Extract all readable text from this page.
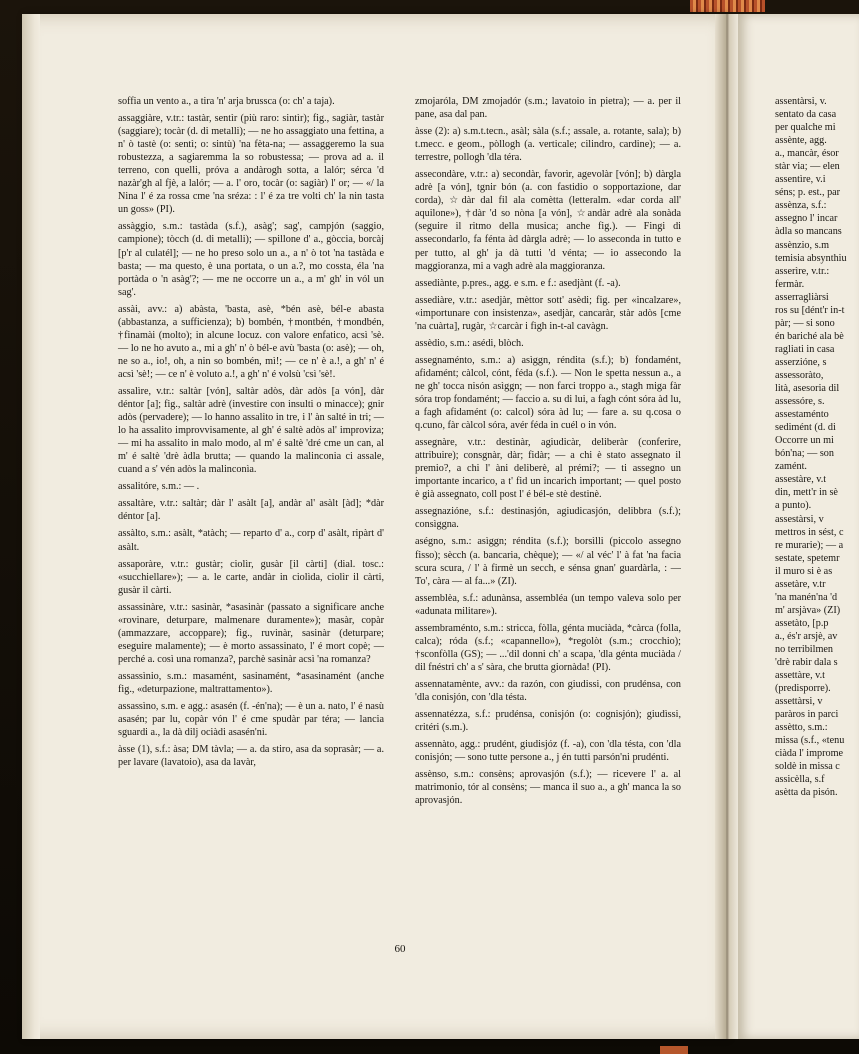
soffia un vento a., a tira 'n' arja brussca (o: ch' a taja).

assaggiàre, v.tr.: tastàr, sentìr (più raro: sintìr); fig., sagiàr, tastàr (saggiare); tocàr (d. di metalli); — ne ho assaggiato una fettina, a n' ò tastè (o: sentì; o: sintù) 'na fèta-na; — assaggeremo la sua robustezza, a sagiaremma la so robustessa; — prova ad a. il terreno, con quelli, próva a andàrogh sotta, a lalór; sérca 'd nazàr'gh al fjè, a lalór; — a. l' oro, tocàr (o: sagiàr) l' or; — «/ la Nina l' é za rossa cme 'na sréza: : l' é za tre volti ch' la nin tasta un goss» (PI).

assàggio, s.m.: tastàda (s.f.), asàg'; sag', campjón (saggio, campione); tòcch (d. di metalli); — spillone d' a., gòccia, borcàj [p'r al culatél]; — ne ho preso solo un a., a n' ò tot 'na tastàda e basta; — ma questo, è una portata, o un a.?, mo cossta, éla 'na portàda o 'n asàg'?; — me ne occorre un a., a m' gh' in vól un sag'.

assài, avv.: a) abàsta, 'basta, asè, *bén asè, bél-e abasta (abbastanza, a sufficienza); b) bombén, †montbén, †mondbén, †finamài (molto); in alcune locuz. con valore enfatico, acsì 'sè. — lo ne ho avuto a., mi a gh' n' ò bél-e avù 'basta (o: asè); — oh, ne so a., io!, oh, a nin so bombén, mì!; — ce n' è a.!, a gh' n' é acsì 'sè!; — ce n' è voluto a.!, a gh' n' é volsù 'csì 'sè!.

assalìre, v.tr.: saltàr [vón], saltàr adòs, dàr adòs [a vón], dàr déntor [a]; fig., saltàr adrè (investire con insulti o minacce); gnir adòs (pervadere); — lo hanno assalito in tre, i l' àn salté in tri; — lo ha assalito improvvisamente, al gh' é saltè adòs al' improviza; — mi ha assalito in malo modo, al m' é saltè 'dré cme un can, al m' é saltè 'drè àdla brutta; — quando la malinconia ci assale, cuand a s' vén adòs la malinconìa.

assalitóre, s.m.: — .

assaltàre, v.tr.: saltàr; dàr l' asàlt [a], andàr al' asàlt [àd]; *dàr déntor [a].

assàlto, s.m.: asàlt, *atàch; — reparto d' a., corp d' asàlt, ripàrt d' asàlt.

assaporàre, v.tr.: gustàr; ciolìr, gusàr [il càrti] (dial. tosc.: «succhiellare»); — a. le carte, andàr in ciolìda, ciolìr il càrti, gusàr il càrti.

assassinàre, v.tr.: sasinàr, *asasinàr (passato a significare anche «rovinare, deturpare, malmenare duramente»); masàr, copàr (ammazzare, accoppare); fig., ruvinàr, sasinàr (deturpare; eseguire malamente); — è morto assassinato, l' é mort copè; — perché a. così una romanza?, parchè sasinàr acsì 'na romanza?

assassìnio, s.m.: masamént, sasinamént, *asasinamént (anche fig., «deturpazione, maltrattamento»).

assassìno, s.m. e agg.: asasén (f. -én'na); — è un a. nato, l' é nasù asasén; par lu, copàr vón l' é cme spudàr par téra; — lancia sguardi a., la dà dilj ociàdi asasén'ni.

àsse (1), s.f.: àsa; DM tàvla; — a. da stiro, asa da soprasàr; — a. per lavare (lavatoio), asa da lavàr,

zmojaróla, DM zmojadór (s.m.; lavatoio in pietra); — a. per il pane, asa dal pan.

àsse (2): a) s.m.t.tecn., asàl; sàla (s.f.; assale, a. rotante, sala); b) t.mecc. e geom., pòllogh (a. verticale; cilindro, cardine); — a. terrestre, pollogh 'dla téra.

assecondàre, v.tr.: a) secondàr, favorìr, agevolàr [vón]; b) dàrgla adrè [a vón], tgnir bón (a. con fastidio o sopportazione, dar corda), ☆dàr dal fil ala comètta (letteralm. «dar corda all' aquilone»), †dàr 'd so nòna [a vón], ☆andàr adrè ala sonàda (seguire il ritmo della musica; anche fig.). — Fingi di assecondarlo, fa fénta àd dàrgla adrè; — lo asseconda in tutto e per tutto, al gh' ja dà tutti 'd vénta; — io assecondo la maggioranza, mi a vagh adrè ala maggioranza.

assediànte, p.pres., agg. e s.m. e f.: asedjànt (f. -a).

assediàre, v.tr.: asedjàr, mèttor sott' asèdi; fig. per «incalzare», «importunare con insistenza», asedjàr, cancaràr, stàr adòs [cme 'na cuàrta], rugàr, ☆carcàr i fìgh in-t-al cavàgn.

assèdio, s.m.: asédi, blòch.

assegnaménto, s.m.: a) asìggn, réndita (s.f.); b) fondamént, afidamént; càlcol, cónt, féda (s.f.). — Non le spetta nessun a., a ne gh' tocca nisón asìggn; — non farci troppo a., stagh miga fàr sóra trop fondamént; — faccio a. su di lui, a fagh cónt sóra àd lu, a fagh afidamént (o: calcol) sóra àd lu; — fare a. su q.cosa o q.cuno, fàr càlcol sóra, avér féda in cuél o in vón.

assegnàre, v.tr.: destinàr, agiudicàr, deliberàr (conferire, attribuire); consgnàr, dàr; fidàr; — a chi è stato assegnato il premio?, a chi l' àni deliberè, al prémi?; — ti assegno un importante incarico, a t' fid un incarich important; — quel posto è già assegnato, coll post l' é bél-e stè destinè.

assegnazióne, s.f.: destinasjón, agiudicasjón, delibbra (s.f.); consìggna.

aségno, s.m.: asìggn; réndita (s.f.); borsìlli (piccolo assegno fisso); sècch (a. bancaria, chèque); — «/ al véc' l' à fat 'na facia scura scura, / l' à firmè un secch, e sénsa gnan' guardàrla, : — To', càra — al fa...» (ZI).

assemblèa, s.f.: adunànsa, assembléa (un tempo valeva solo per «adunata militare»).

assembraménto, s.m.: stricca, fòlla, génta muciàda, *càrca (folla, calca); róda (s.f.; «capannello»), *regolòt (s.m.; crocchio); †sconfòlla (GS); — ...'dil donni ch' a scapa, 'dla génta muciàda / dil fnéstri ch' a s' sàra, che brutta giornàda! (PI).

assennatamènte, avv.: da razón, con giudissi, con prudénsa, con 'dla conisjón, con 'dla tésta.

assennatézza, s.f.: prudénsa, conisjón (o: cognisjón); giudìssi, critéri (s.m.).

assennàto, agg.: prudént, giudisjóz (f. -a), con 'dla tésta, con 'dla conisjón; — sono tutte persone a., j én tutti parsón'ni prudénti.

assènso, s.m.: consèns; aprovasjón (s.f.); — ricevere l' a. al matrimonio, tór al consèns; — manca il suo a., a gh' manca la so aprovasjón.

assentàrsi, v.
sentato da casa
per qualche mi
assènte, agg.
a., mancàr, ésor
stàr via; — elen
assentìre, v.i
séns; p. est., par
assènza, s.f.:
assegno l' incar
àdla so mancans
assènzio, s.m
temisia absynthiu
asserìre, v.tr.:
fermàr.
asserragliàrsi
ros su [dént'r in-t
pàr; — si sono
én bariché ala bè
ragliati in casa
asserzióne, s
assessoràto,
lità, asesoria dil
assessóre, s.
assestaménto
sedimént (d. di
Occorre un mi
bón'na; — son
zamént.
assestàre, v.t
din, mett'r in sè
a punto).
assestàrsi, v
mettros in sést, c
re murarie); — a
sestate, spetemr
il muro si è as
assetàre, v.tr
'na manén'na 'd
m' arsjàva» (ZI)
assetàto, [p.p
a., és'r arsjè, av
no terribilmen
'drè rabir dala s
assettàre, v.t
(predisporre).
assettàrsi, v
paràros in parci
assètto, s.m.:
missa (s.f., «tenu
ciàda l' improme
soldè in missa c
assicèlla, s.f
asètta da pisón.
60
